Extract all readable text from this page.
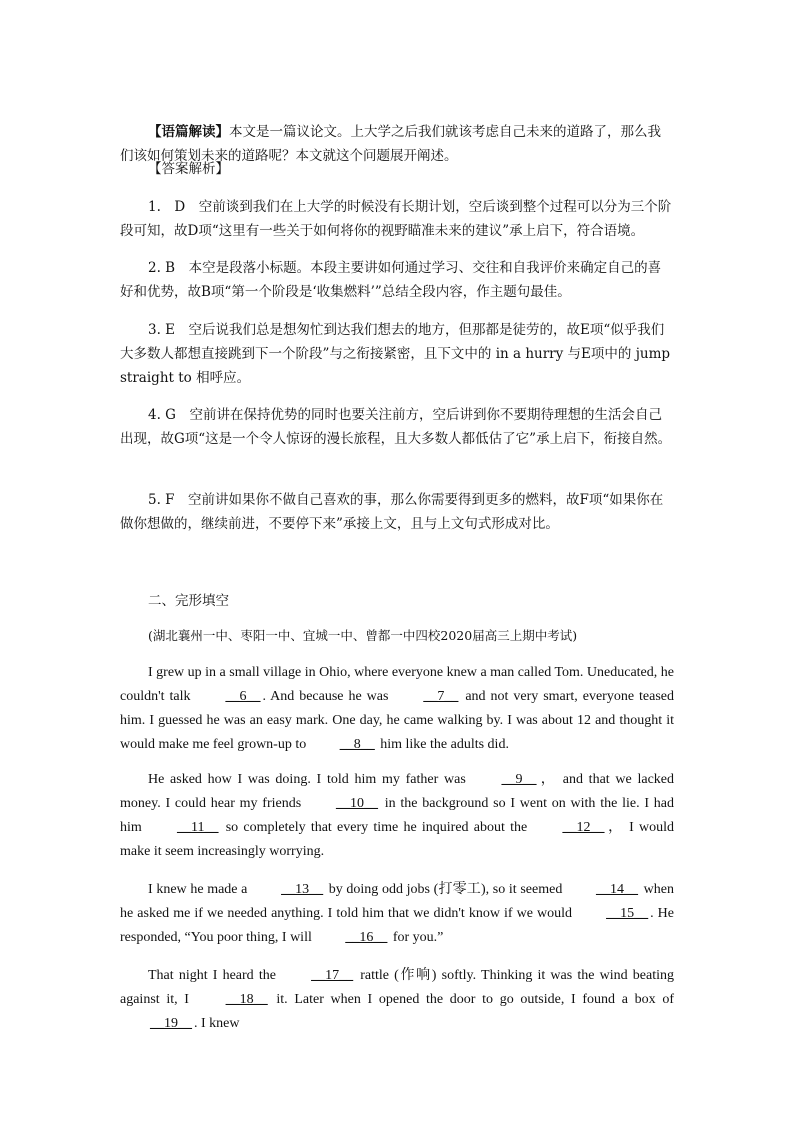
【语篇解读】本文是一篇议论文。上大学之后我们就该考虑自己未来的道路了，那么我们该如何策划未来的道路呢？本文就这个问题展开阐述。

【答案解析】

1.　D　空前谈到我们在上大学的时候没有长期计划，空后谈到整个过程可以分为三个阶段可知，故D项“这里有一些关于如何将你的视野瞄准未来的建议”承上启下，符合语境。

2. B　本空是段落小标题。本段主要讲如何通过学习、交往和自我评价来确定自己的喜好和优势，故B项“第一个阶段是‘收集燃料’”总结全段内容，作主题句最佳。

3. E　空后说我们总是想匆忙到达我们想去的地方，但那都是徒劳的，故E项“似乎我们大多数人都想直接跳到下一个阶段”与之衔接紧密，且下文中的 in a hurry 与E项中的 jump straight to 相呼应。

4. G　空前讲在保持优势的同时也要关注前方，空后讲到你不要期待理想的生活会自己出现，故G项“这是一个令人惊讶的漫长旅程，且大多数人都低估了它”承上启下，衔接自然。

5. F　空前讲如果你不做自己喜欢的事，那么你需要得到更多的燃料，故F项“如果你在做你想做的，继续前进，不要停下来”承接上文，且与上文句式形成对比。

二、完形填空

(湖北襄州一中、枣阳一中、宜城一中、曾都一中四校2020届高三上期中考试)

I grew up in a small village in Ohio, where everyone knew a man called Tom. Uneducated, he couldn't talk __6__ . And because he was __7__ and not very smart, everyone teased him. I guessed he was an easy mark. One day, he came walking by. I was about 12 and thought it would make me feel grown-up to __8__ him like the adults did.

He asked how I was doing. I told him my father was __9__ ， and that we lacked money. I could hear my friends __10__ in the background so I went on with the lie. I had him __11__ so completely that every time he inquired about the __12__ ， I would make it seem increasingly worrying.

I knew he made a __13__ by doing odd jobs (打零工), so it seemed __14__ when he asked me if we needed anything. I told him that we didn't know if we would __15__ . He responded, “You poor thing, I will __16__ for you.”

That night I heard the __17__ rattle (作响) softly. Thinking it was the wind beating against it, I __18__ it. Later when I opened the door to go outside, I found a box of __19__ . I knew
